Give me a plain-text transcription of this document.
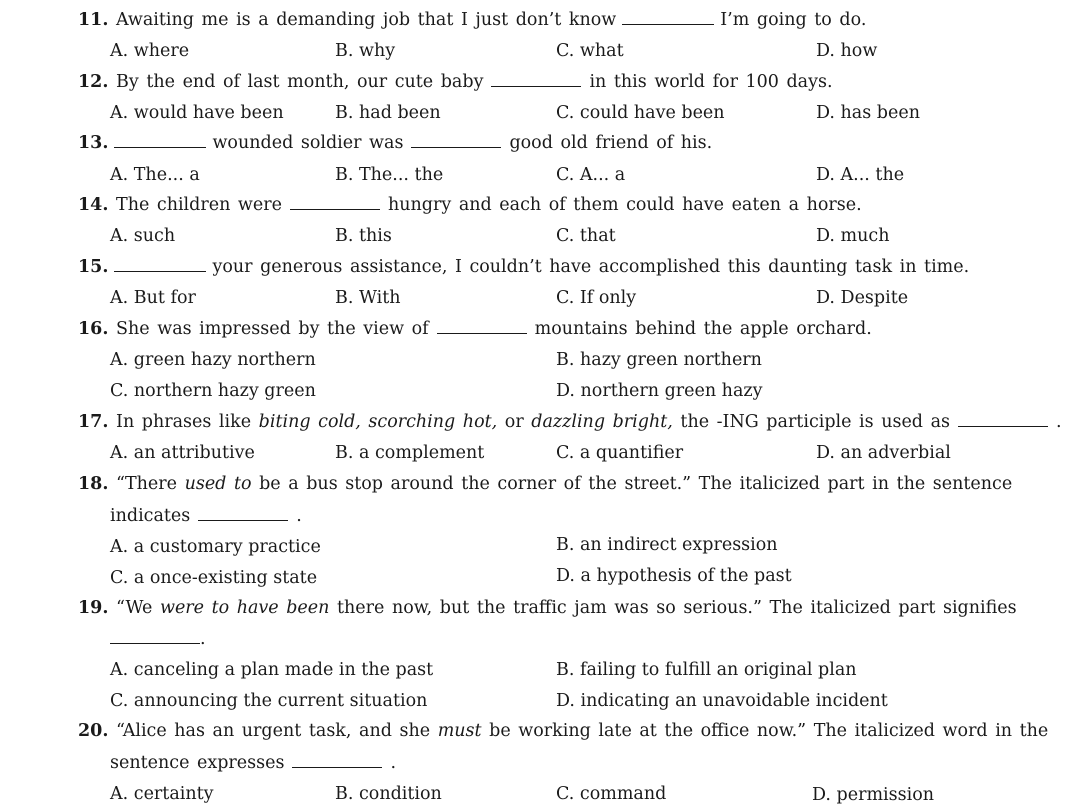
11. Awaiting me is a demanding job that I just don’t know	I’m going to do.
A. where	B. why	C. what	D. how
12. By the end of last month, our cute baby	in this world for 100 days.
A. would have been	B. had been	C. could have been	D. has been
13.	wounded soldier was	good old friend of his.
A. The... a	B. The... the	C. A... a	D. A... the
14. The children were	hungry and each of them could have eaten a horse.
A. such	B. this	C. that	D. much
15.	your generous assistance, I couldn’t have accomplished this daunting task in time.
A. But for	B. With	C. If only	D. Despite
16. She was impressed by the view of	mountains behind the apple orchard.
A. green hazy northern	B. hazy green northern
C. northern hazy green	D. northern green hazy
17. In phrases like biting cold, scorching hot, or dazzling bright, the -ING participle is used as	.
A. an attributive	B. a complement	C. a quantifier	D. an adverbial
18. “There used to be a bus stop around the corner of the street.” The italicized part in the sentence
indicates	.
A. a customary practice	B. an indirect expression
C. a once-existing state	D. a hypothesis of the past
19. “We were to have been there now, but the traffic jam was so serious.” The italicized part signifies
.
A. canceling a plan made in the past	B. failing to fulfill an original plan
C. announcing the current situation	D. indicating an unavoidable incident
20. “Alice has an urgent task, and she must be working late at the office now.” The italicized word in the
sentence expresses	.
A. certainty	B. condition	C. command	D. permission
